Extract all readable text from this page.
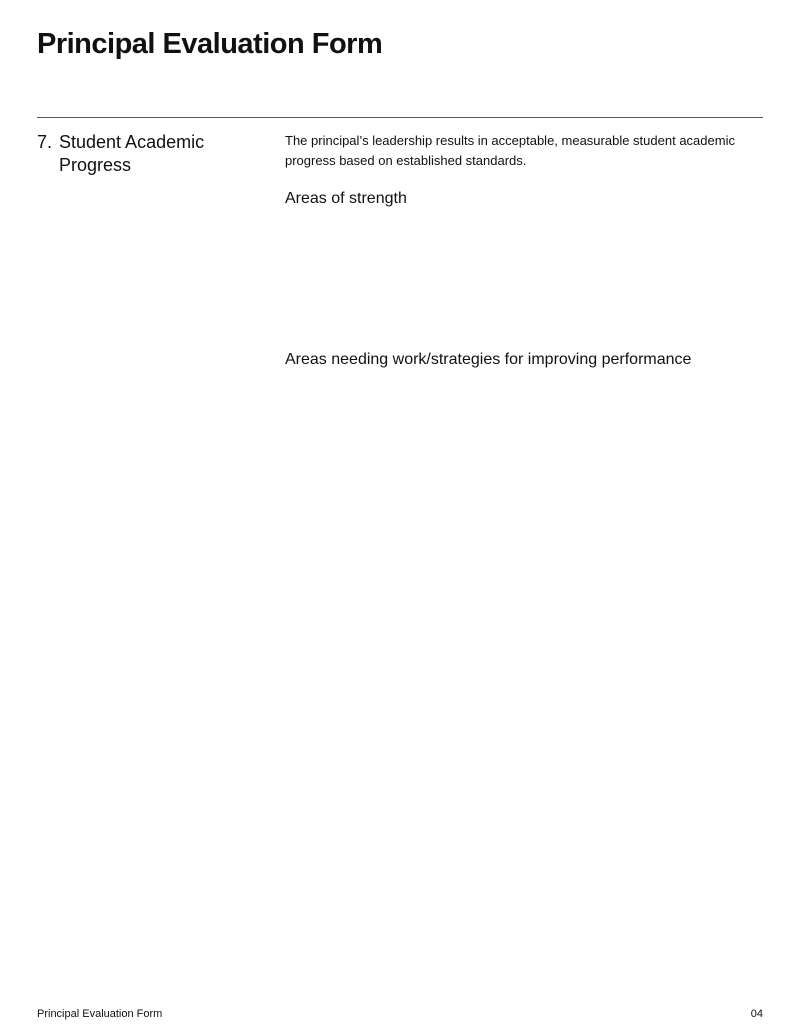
Principal Evaluation Form
7. Student Academic
Progress
The principal’s leadership results in acceptable, measurable student academic progress based on established standards.
Areas of strength
Areas needing work/strategies for improving performance
Principal Evaluation Form	04
